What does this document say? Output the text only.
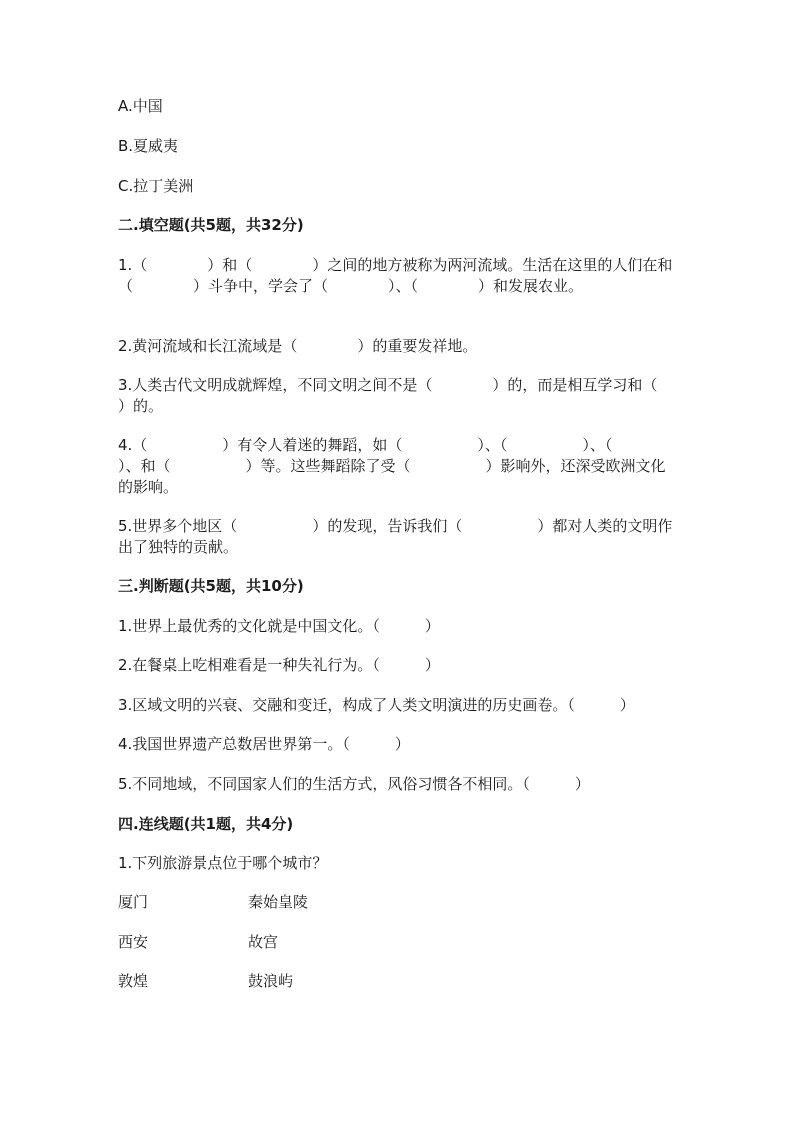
A.中国
B.夏威夷
C.拉丁美洲
二.填空题(共5题，共32分)
1.（　　　　）和（　　　　）之间的地方被称为两河流域。生活在这里的人们在和（　　　　）斗争中，学会了（　　　　）、（　　　　）和发展农业。
2.黄河流域和长江流域是（　　　　）的重要发祥地。
3.人类古代文明成就辉煌，不同文明之间不是（　　　　）的，而是相互学习和（　　　　）的。
4.（　　　　　）有令人着迷的舞蹈，如（　　　　　）、（　　　　　）、（　　　　　）、和（　　　　　）等。这些舞蹈除了受（　　　　　）影响外，还深受欧洲文化的影响。
5.世界多个地区（　　　　　）的发现，告诉我们（　　　　　）都对人类的文明作出了独特的贡献。
三.判断题(共5题，共10分)
1.世界上最优秀的文化就是中国文化。（　　　）
2.在餐桌上吃相难看是一种失礼行为。（　　　）
3.区域文明的兴衰、交融和变迁，构成了人类文明演进的历史画卷。（　　　）
4.我国世界遗产总数居世界第一。（　　　）
5.不同地域，不同国家人们的生活方式，风俗习惯各不相同。（　　　）
四.连线题(共1题，共4分)
1.下列旅游景点位于哪个城市？
厦门	秦始皇陵
西安	故宫
敦煌	鼓浪屿
